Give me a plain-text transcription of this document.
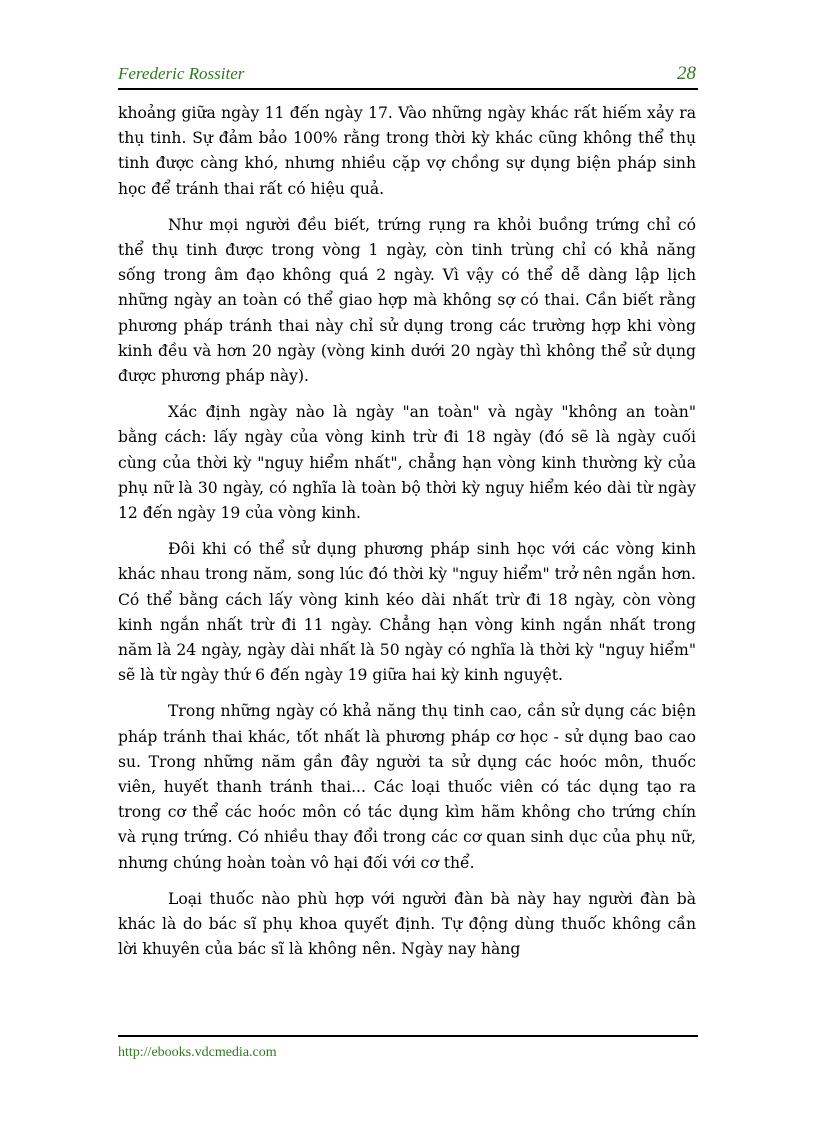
Ferederic Rossiter	28

khoảng giữa ngày 11 đến ngày 17. Vào những ngày khác rất hiếm xảy ra thụ tinh. Sự đảm bảo 100% rằng trong thời kỳ khác cũng không thể thụ tinh được càng khó, nhưng nhiều cặp vợ chồng sự dụng biện pháp sinh học để tránh thai rất có hiệu quả.

Như mọi người đều biết, trứng rụng ra khỏi buồng trứng chỉ có thể thụ tinh được trong vòng 1 ngày, còn tinh trùng chỉ có khả năng sống trong âm đạo không quá 2 ngày. Vì vậy có thể dễ dàng lập lịch những ngày an toàn có thể giao hợp mà không sợ có thai. Cần biết rằng phương pháp tránh thai này chỉ sử dụng trong các trường hợp khi vòng kinh đều và hơn 20 ngày (vòng kinh dưới 20 ngày thì không thể sử dụng được phương pháp này).

Xác định ngày nào là ngày "an toàn" và ngày "không an toàn" bằng cách: lấy ngày của vòng kinh trừ đi 18 ngày (đó sẽ là ngày cuối cùng của thời kỳ "nguy hiểm nhất", chẳng hạn vòng kinh thường kỳ của phụ nữ là 30 ngày, có nghĩa là toàn bộ thời kỳ nguy hiểm kéo dài từ ngày 12 đến ngày 19 của vòng kinh.

Đôi khi có thể sử dụng phương pháp sinh học với các vòng kinh khác nhau trong năm, song lúc đó thời kỳ "nguy hiểm" trở nên ngắn hơn. Có thể bằng cách lấy vòng kinh kéo dài nhất trừ đi 18 ngày, còn vòng kinh ngắn nhất trừ đi 11 ngày. Chẳng hạn vòng kinh ngắn nhất trong năm là 24 ngày, ngày dài nhất là 50 ngày có nghĩa là thời kỳ "nguy hiểm" sẽ là từ ngày thứ 6 đến ngày 19 giữa hai kỳ kinh nguyệt.

Trong những ngày có khả năng thụ tinh cao, cần sử dụng các biện pháp tránh thai khác, tốt nhất là phương pháp cơ học - sử dụng bao cao su. Trong những năm gần đây người ta sử dụng các hoóc môn, thuốc viên, huyết thanh tránh thai... Các loại thuốc viên có tác dụng tạo ra trong cơ thể các hoóc môn có tác dụng kìm hãm không cho trứng chín và rụng trứng. Có nhiều thay đổi trong các cơ quan sinh dục của phụ nữ, nhưng chúng hoàn toàn vô hại đối với cơ thể.

Loại thuốc nào phù hợp với người đàn bà này hay người đàn bà khác là do bác sĩ phụ khoa quyết định. Tự động dùng thuốc không cần lời khuyên của bác sĩ là không nên. Ngày nay hàng

http://ebooks.vdcmedia.com
